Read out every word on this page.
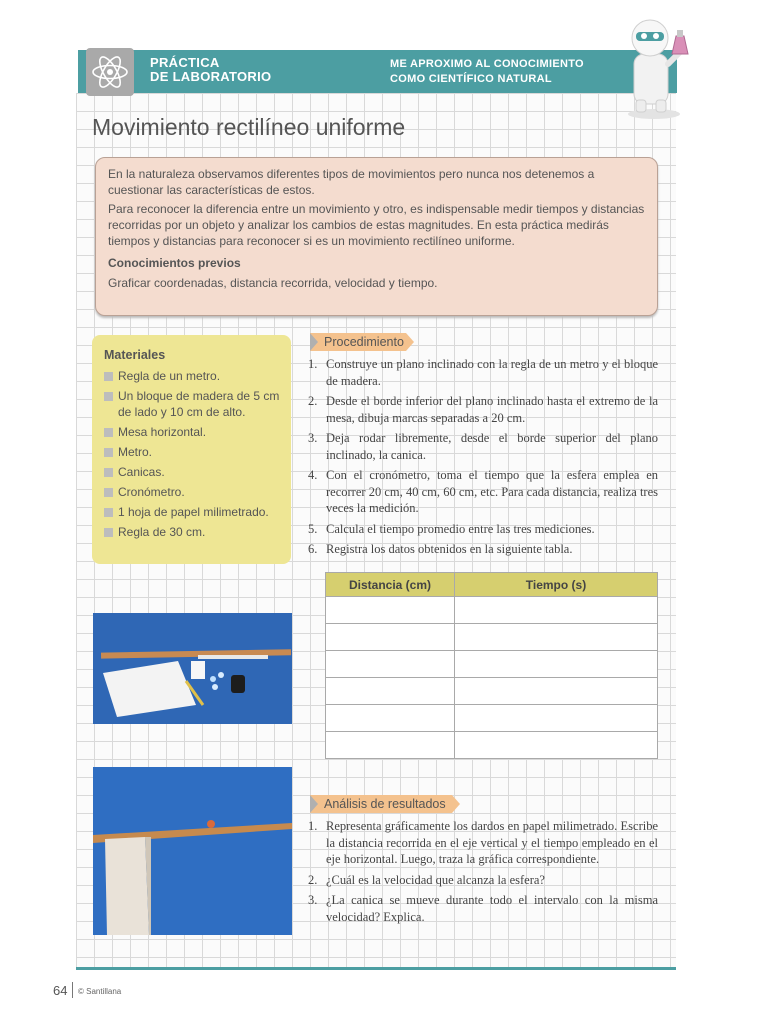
PRÁCTICA
DE LABORATORIO
ME APROXIMO AL CONOCIMIENTO
COMO CIENTÍFICO NATURAL
Movimiento rectilíneo uniforme

En la naturaleza observamos diferentes tipos de movimientos pero nunca nos detenemos a cuestionar las características de estos.

Para reconocer la diferencia entre un movimiento y otro, es indispensable medir tiempos y distancias recorridas por un objeto y analizar los cambios de estas magnitudes. En esta práctica medirás tiempos y distancias para reconocer si es un movimiento rectilíneo uniforme.

Conocimientos previos

Graficar coordenadas, distancia recorrida, velocidad y tiempo.

Materiales
Regla de un metro.
Un bloque de madera de 5 cm de lado y 10 cm de alto.
Mesa horizontal.
Metro.
Canicas.
Cronómetro.
1 hoja de papel milimetrado.
Regla de 30 cm.
Procedimiento
1. Construye un plano inclinado con la regla de un metro y el bloque de madera.
2. Desde el borde inferior del plano inclinado hasta el extremo de la mesa, dibuja marcas separadas a 20 cm.
3. Deja rodar libremente, desde el borde superior del plano inclinado, la canica.
4. Con el cronómetro, toma el tiempo que la esfera emplea en recorrer 20 cm, 40 cm, 60 cm, etc. Para cada distancia, realiza tres veces la medición.
5. Calcula el tiempo promedio entre las tres mediciones.
6. Registra los datos obtenidos en la siguiente tabla.
Distancia (cm)	Tiempo (s)

Análisis de resultados
1. Representa gráficamente los dardos en papel milimetrado. Escribe la distancia recorrida en el eje vertical y el tiempo empleado en el eje horizontal. Luego, traza la gráfica correspondiente.
2. ¿Cuál es la velocidad que alcanza la esfera?
3. ¿La canica se mueve durante todo el intervalo con la misma velocidad? Explica.
64 © Santillana
